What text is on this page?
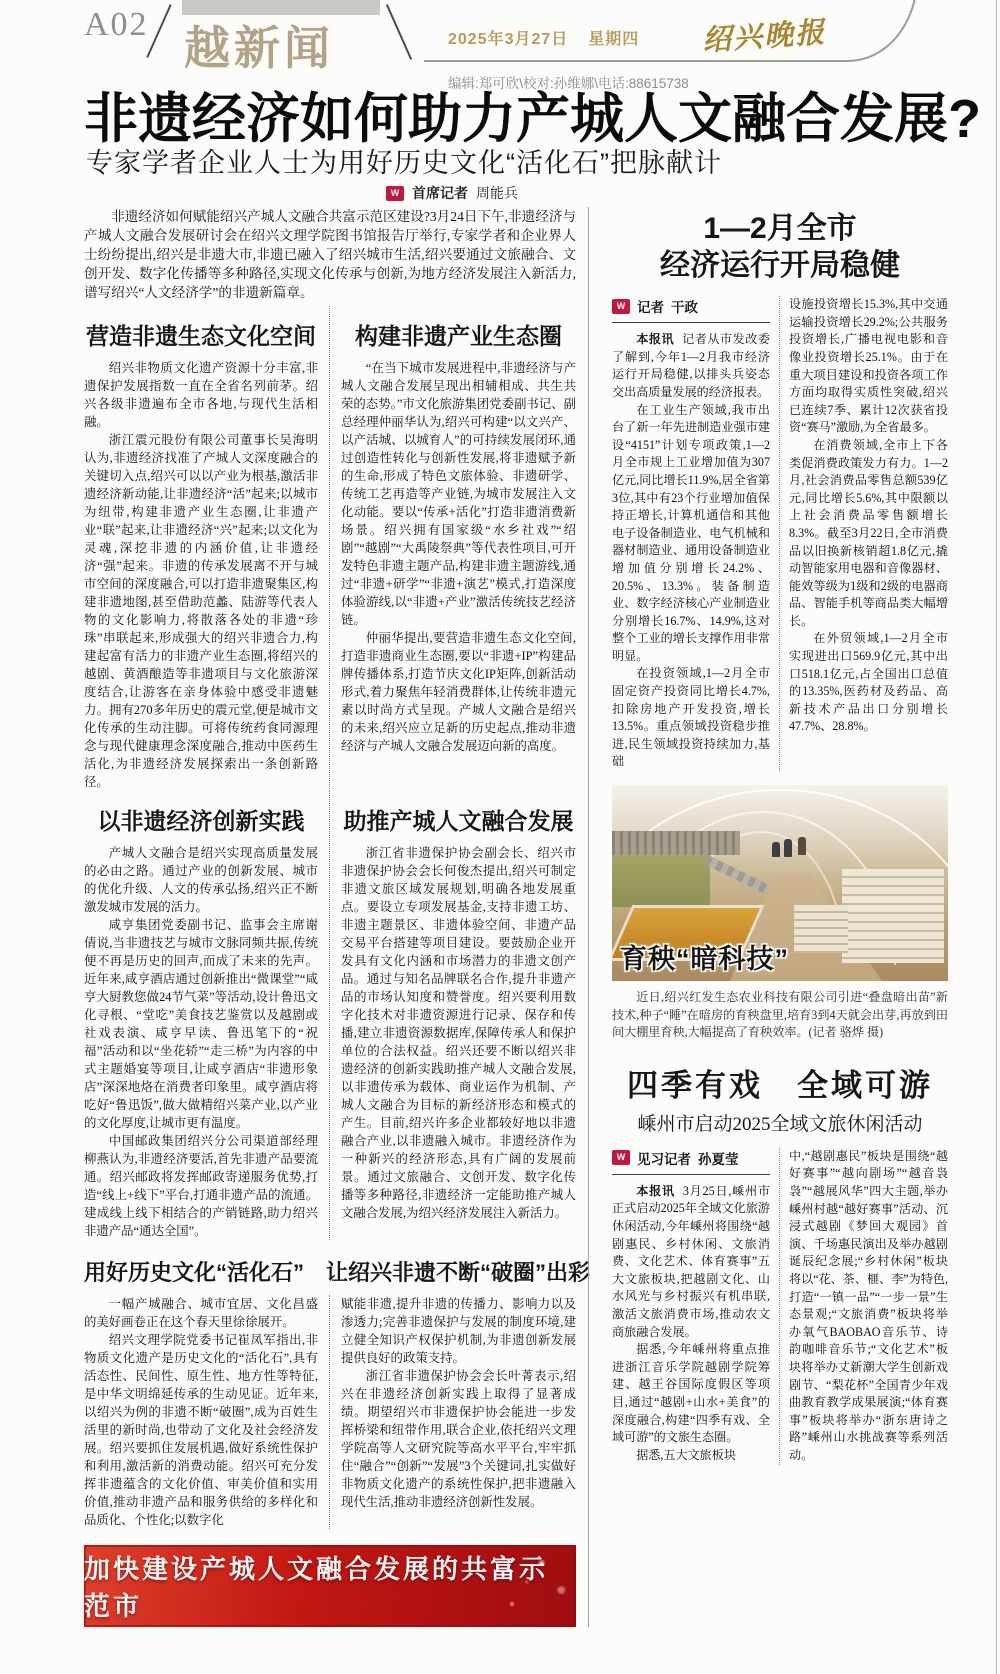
A02 越新闻	2025年3月27日 星期四 绍兴晚报
编辑:郑可欣\校对:孙维娜\电话:88615738
非遗经济如何助力产城人文融合发展?
专家学者企业人士为用好历史文化“活化石”把脉献计
W 首席记者 周能兵

非遗经济如何赋能绍兴产城人文融合共富示范区建设?3月24日下午,非遗经济与产城人文融合发展研讨会在绍兴文理学院图书馆报告厅举行,专家学者和企业界人士纷纷提出,绍兴是非遗大市,非遗已融入了绍兴城市生活,绍兴要通过文旅融合、文创开发、数字化传播等多种路径,实现文化传承与创新,为地方经济发展注入新活力,谱写绍兴“人文经济学”的非遗新篇章。

营造非遗生态文化空间

绍兴非物质文化遗产资源十分丰富,非遗保护发展指数一直在全省名列前茅。绍兴各级非遗遍布全市各地,与现代生活相融。

浙江震元股份有限公司董事长吴海明认为,非遗经济找准了产城人文深度融合的关键切入点,绍兴可以以产业为根基,激活非遗经济新动能,让非遗经济“活”起来;以城市为纽带,构建非遗产业生态圈,让非遗产业“联”起来,让非遗经济“兴”起来;以文化为灵魂,深挖非遗的内涵价值,让非遗经济“强”起来。非遗的传承发展离不开与城市空间的深度融合,可以打造非遗聚集区,构建非遗地图,甚至借助范蠡、陆游等代表人物的文化影响力,将散落各处的非遗“珍珠”串联起来,形成强大的绍兴非遗合力,构建起富有活力的非遗产业生态圈,将绍兴的越剧、黄酒酿造等非遗项目与文化旅游深度结合,让游客在亲身体验中感受非遗魅力。拥有270多年历史的震元堂,便是城市文化传承的生动注脚。可将传统药食同源理念与现代健康理念深度融合,推动中医药生活化,为非遗经济发展探索出一条创新路径。

构建非遗产业生态圈

“在当下城市发展进程中,非遗经济与产城人文融合发展呈现出相辅相成、共生共荣的态势。”市文化旅游集团党委副书记、副总经理仲丽华认为,绍兴可构建“以文兴产、以产活城、以城育人”的可持续发展闭环,通过创造性转化与创新性发展,将非遗赋予新的生命,形成了特色文旅体验、非遗研学、传统工艺再造等产业链,为城市发展注入文化动能。要以“传承+活化”打造非遗消费新场景。绍兴拥有国家级“水乡社戏”“绍剧”“越剧”“大禹陵祭典”等代表性项目,可开发特色非遗主题产品,构建非遗主题游线,通过“非遗+研学”“非遗+演艺”模式,打造深度体验游线,以“非遗+产业”激活传统技艺经济链。

仲丽华提出,要营造非遗生态文化空间,打造非遗商业生态圈,要以“非遗+IP”构建品牌传播体系,打造节庆文化IP矩阵,创新活动形式,着力聚焦年轻消费群体,让传统非遗元素以时尚方式呈现。产城人文融合是绍兴的未来,绍兴应立足新的历史起点,推动非遗经济与产城人文融合发展迈向新的高度。

以非遗经济创新实践

产城人文融合是绍兴实现高质量发展的必由之路。通过产业的创新发展、城市的优化升级、人文的传承弘扬,绍兴正不断激发城市发展的活力。

咸亨集团党委副书记、监事会主席谢倩说,当非遗技艺与城市文脉同频共振,传统便不再是历史的回声,而成了未来的先声。近年来,咸亨酒店通过创新推出“微课堂”“咸亨大厨教您做24节气菜”等活动,设计鲁迅文化寻根、“堂吃”美食技艺鉴赏以及越剧或社戏表演、咸亨早读、鲁迅笔下的“祝福”活动和以“坐花轿”“走三桥”为内容的中式主题婚宴等项目,让咸亨酒店“非遗形象店”深深地烙在消费者印象里。咸亨酒店将吃好“鲁迅饭”,做大做精绍兴菜产业,以产业的文化厚度,让城市更有温度。

中国邮政集团绍兴分公司渠道部经理柳燕认为,非遗经济要活,首先非遗产品要流通。绍兴邮政将发挥邮政寄递服务优势,打造“线上+线下”平台,打通非遗产品的流通。建成线上线下相结合的产销链路,助力绍兴非遗产品“通达全国”。

助推产城人文融合发展

浙江省非遗保护协会副会长、绍兴市非遗保护协会会长何俊杰提出,绍兴可制定非遗文旅区域发展规划,明确各地发展重点。要设立专项发展基金,支持非遗工坊、非遗主题景区、非遗体验空间、非遗产品交易平台搭建等项目建设。要鼓励企业开发具有文化内涵和市场潜力的非遗文创产品。通过与知名品牌联名合作,提升非遗产品的市场认知度和赞誉度。绍兴要利用数字化技术对非遗资源进行记录、保存和传播,建立非遗资源数据库,保障传承人和保护单位的合法权益。绍兴还要不断以绍兴非遗经济的创新实践助推产城人文融合发展,以非遗传承为载体、商业运作为机制、产城人文融合为目标的新经济形态和模式的产生。目前,绍兴许多企业都较好地以非遗融合产业,以非遗融入城市。非遗经济作为一种新兴的经济形态,具有广阔的发展前景。通过文旅融合、文创开发、数字化传播等多种路径,非遗经济一定能助推产城人文融合发展,为绍兴经济发展注入新活力。

用好历史文化“活化石”　让绍兴非遗不断“破圈”出彩

一幅产城融合、城市宜居、文化昌盛的美好画卷正在这个春天里徐徐展开。

绍兴文理学院党委书记崔凤军指出,非物质文化遗产是历史文化的“活化石”,具有活态性、民间性、原生性、地方性等特征,是中华文明绵延传承的生动见证。近年来,以绍兴为例的非遗不断“破圈”,成为百姓生活里的新时尚,也带动了文化及社会经济发展。绍兴要抓住发展机遇,做好系统性保护和利用,激活新的消费动能。绍兴可充分发挥非遗蕴含的文化价值、审美价值和实用价值,推动非遗产品和服务供给的多样化和品质化、个性化;以数字化

赋能非遗,提升非遗的传播力、影响力以及渗透力;完善非遗保护与发展的制度环境,建立健全知识产权保护机制,为非遗创新发展提供良好的政策支持。

浙江省非遗保护协会会长叶菁表示,绍兴在非遗经济创新实践上取得了显著成绩。期望绍兴市非遗保护协会能进一步发挥桥梁和纽带作用,联合企业,依托绍兴文理学院高等人文研究院等高水平平台,牢牢抓住“融合”“创新”“发展”3个关键词,扎实做好非物质文化遗产的系统性保护,把非遗融入现代生活,推动非遗经济创新性发展。

加快建设产城人文融合发展的共富示范市
1—2月全市
经济运行开局稳健
W 记者 干政

本报讯 记者从市发改委了解到,今年1—2月我市经济运行开局稳健,以排头兵姿态交出高质量发展的经济报表。

在工业生产领域,我市出台了新一年先进制造业强市建设“4151”计划专项政策,1—2月全市规上工业增加值为307亿元,同比增长11.9%,居全省第3位,其中有23个行业增加值保持正增长,计算机通信和其他电子设备制造业、电气机械和器材制造业、通用设备制造业增加值分别增长24.2%、20.5%、13.3%。装备制造业、数字经济核心产业制造业分别增长16.7%、14.9%,这对整个工业的增长支撑作用非常明显。

在投资领域,1—2月全市固定资产投资同比增长4.7%,扣除房地产开发投资,增长13.5%。重点领域投资稳步推进,民生领域投资持续加力,基础

设施投资增长15.3%,其中交通运输投资增长29.2%;公共服务投资增长,广播电视电影和音像业投资增长25.1%。由于在重大项目建设和投资各项工作方面均取得实质性突破,绍兴已连续7季、累计12次获省投资“赛马”激励,为全省最多。

在消费领域,全市上下各类促消费政策发力有力。1—2月,社会消费品零售总额539亿元,同比增长5.6%,其中限额以上社会消费品零售额增长8.3%。截至3月22日,全市消费品以旧换新核销超1.8亿元,撬动智能家用电器和音像器材、能效等级为1级和2级的电器商品、智能手机等商品类大幅增长。

在外贸领域,1—2月全市实现进出口569.9亿元,其中出口518.1亿元,占全国出口总值的13.35%,医药材及药品、高新技术产品出口分别增长47.7%、28.8%。

育秧“暗科技”

近日,绍兴红发生态农业科技有限公司引进“叠盘暗出苗”新技术,种子“睡”在暗房的育秧盘里,培育3到4天就会出芽,再放到田间大棚里育秧,大幅提高了育秧效率。(记者 骆烨 摄)

四季有戏　全域可游
嵊州市启动2025全域文旅休闲活动
W 见习记者 孙夏莹

本报讯 3月25日,嵊州市正式启动2025年全域文化旅游休闲活动,今年嵊州将围绕“越剧惠民、乡村休闲、文旅消费、文化艺术、体育赛事”五大文旅板块,把越剧文化、山水风光与乡村振兴有机串联,激活文旅消费市场,推动农文商旅融合发展。

据悉,今年嵊州将重点推进浙江音乐学院越剧学院筹建、越王谷国际度假区等项目,通过“越剧+山水+美食”的深度融合,构建“四季有戏、全域可游”的文旅生态圈。

据悉,五大文旅板块

中,“越剧惠民”板块是围绕“越好赛事”“越向剧场”“越音袅袅”“越展风华”四大主题,举办嵊州村越“越好赛事”活动、沉浸式越剧《梦回大观园》首演、千场惠民演出及举办越剧诞辰纪念展;“乡村休闲”板块将以“花、茶、榧、李”为特色,打造“一镇一品”“一步一景”生态景观;“文旅消费”板块将举办氧气BAOBAO音乐节、诗韵咖啡音乐节;“文化艺术”板块将举办丈新潮大学生创新戏剧节、“梨花杯”全国青少年戏曲教育教学成果展演;“体育赛事”板块将举办“浙东唐诗之路”嵊州山水挑战赛等系列活动。
